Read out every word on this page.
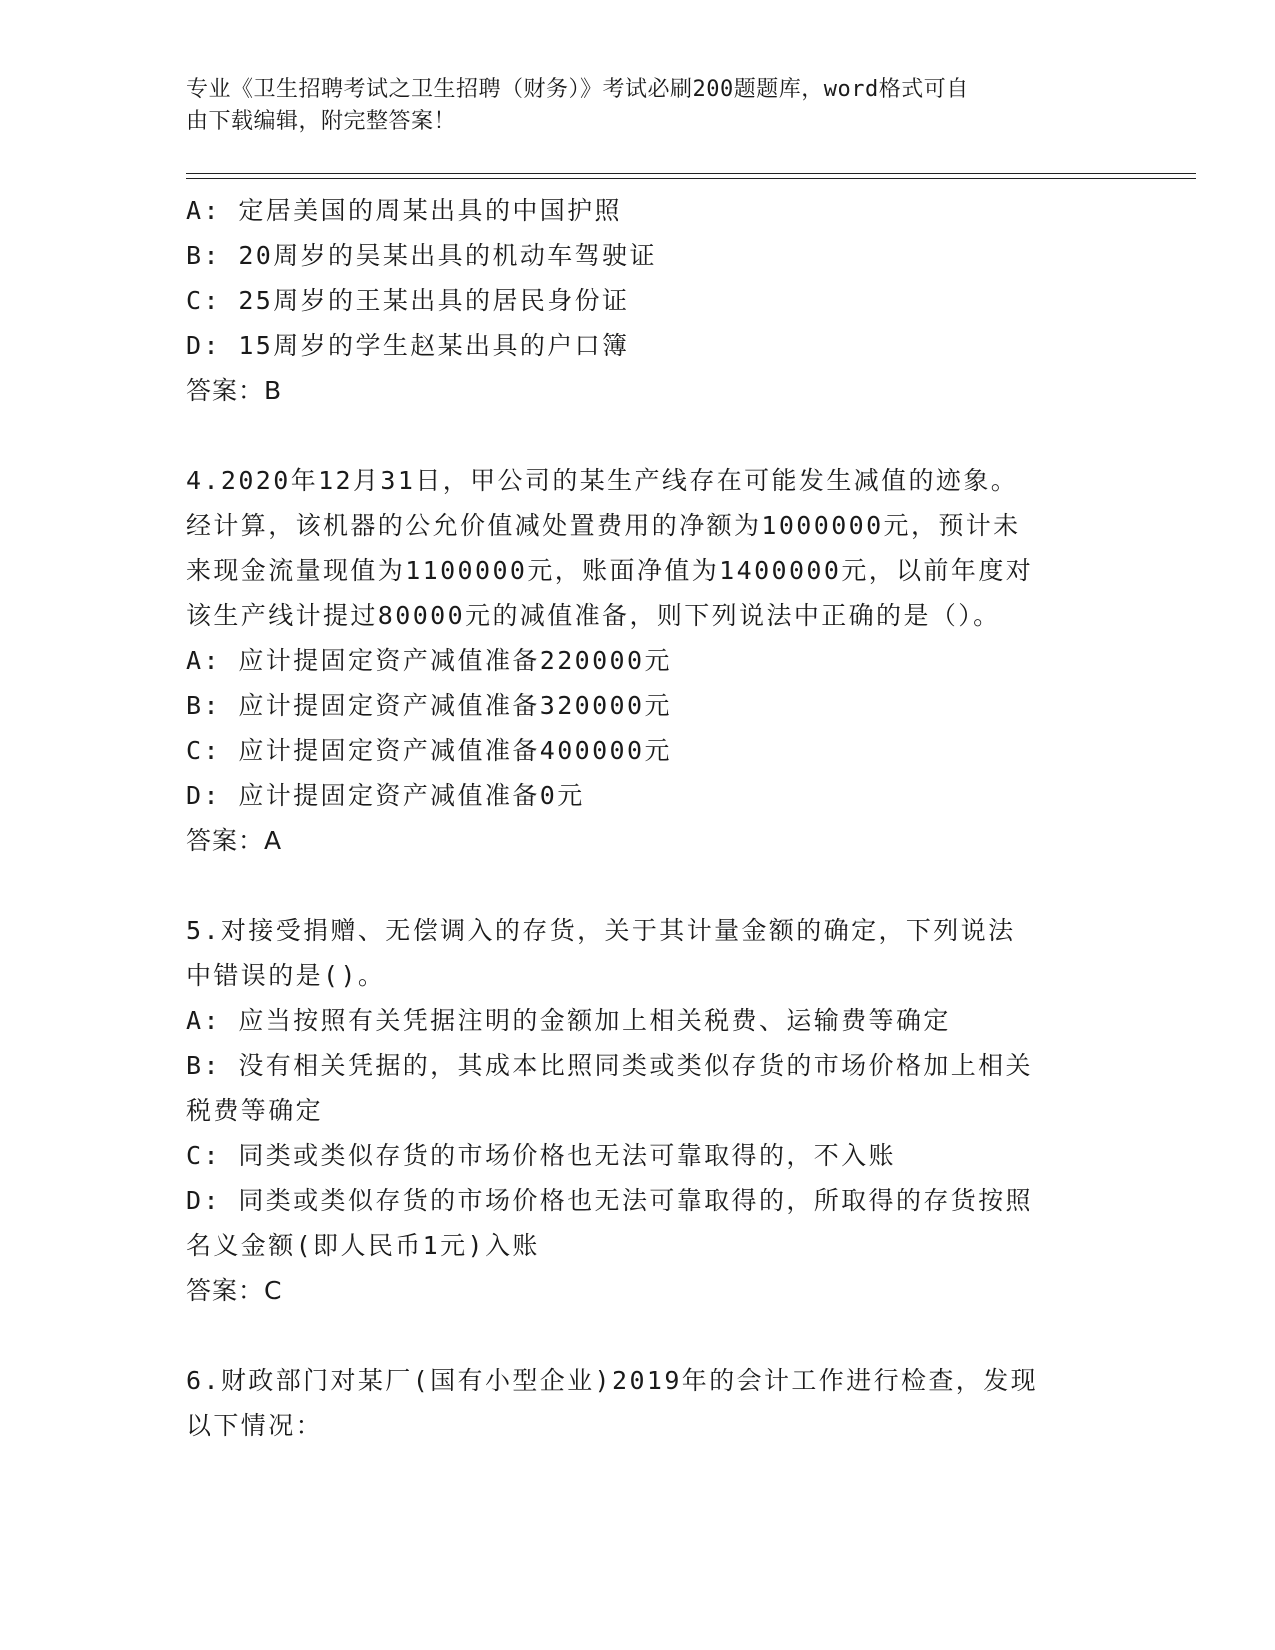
专业《卫生招聘考试之卫生招聘（财务）》考试必刷200题题库，word格式可自
由下载编辑，附完整答案！
A: 定居美国的周某出具的中国护照
B: 20周岁的吴某出具的机动车驾驶证
C: 25周岁的王某出具的居民身份证
D: 15周岁的学生赵某出具的户口簿
答案：B
4.2020年12月31日，甲公司的某生产线存在可能发生减值的迹象。
经计算，该机器的公允价值减处置费用的净额为1000000元，预计未
来现金流量现值为1100000元，账面净值为1400000元，以前年度对
该生产线计提过80000元的减值准备，则下列说法中正确的是（）。
A: 应计提固定资产减值准备220000元
B: 应计提固定资产减值准备320000元
C: 应计提固定资产减值准备400000元
D: 应计提固定资产减值准备0元
答案：A
5.对接受捐赠、无偿调入的存货，关于其计量金额的确定，下列说法
中错误的是()。
A: 应当按照有关凭据注明的金额加上相关税费、运输费等确定
B: 没有相关凭据的，其成本比照同类或类似存货的市场价格加上相关
税费等确定
C: 同类或类似存货的市场价格也无法可靠取得的，不入账
D: 同类或类似存货的市场价格也无法可靠取得的，所取得的存货按照
名义金额(即人民币1元)入账
答案：C
6.财政部门对某厂(国有小型企业)2019年的会计工作进行检查，发现
以下情况：
